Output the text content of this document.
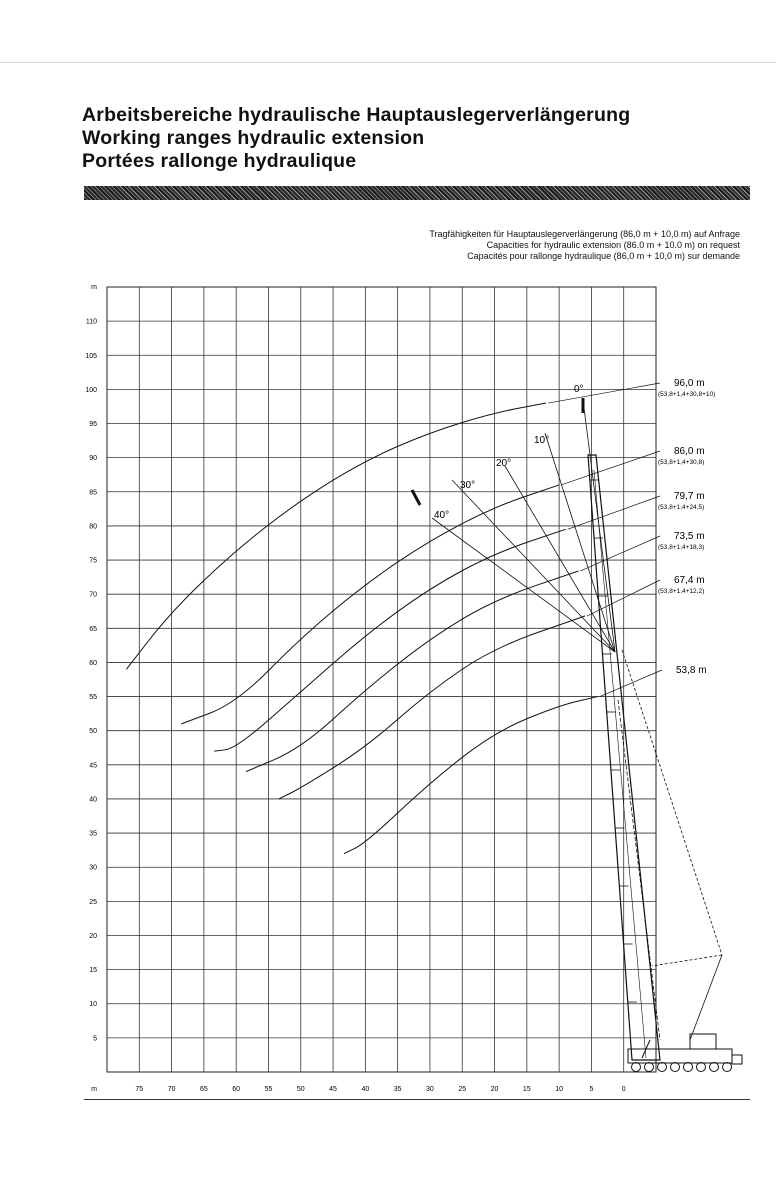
Arbeitsbereiche hydraulische Hauptauslegerverlängerung
Working ranges hydraulic extension
Portées rallonge hydraulique
Tragfähigkeiten für Hauptauslegerverlängerung (86,0 m + 10,0 m) auf Anfrage
Capacities for hydraulic extension (86.0 m + 10.0 m) on request
Capacités pour rallonge hydraulique (86,0 m + 10,0 m) sur demande
5
10
15
20
25
30
35
40
45
50
55
60
65
70
75
80
85
90
95
100
105
110
m
75	70	65	60	55	50	45	40	35	30	25	20	15	10	5	0
m
0°
10°
20°
30°
40°
96,0 m
(53,8+1,4+30,8+10)
86,0 m
(53,8+1,4+30,8)
79,7 m
(53,8+1,4+24,5)
73,5 m
(53,8+1,4+18,3)
67,4 m
(53,8+1,4+12,2)
53,8 m
